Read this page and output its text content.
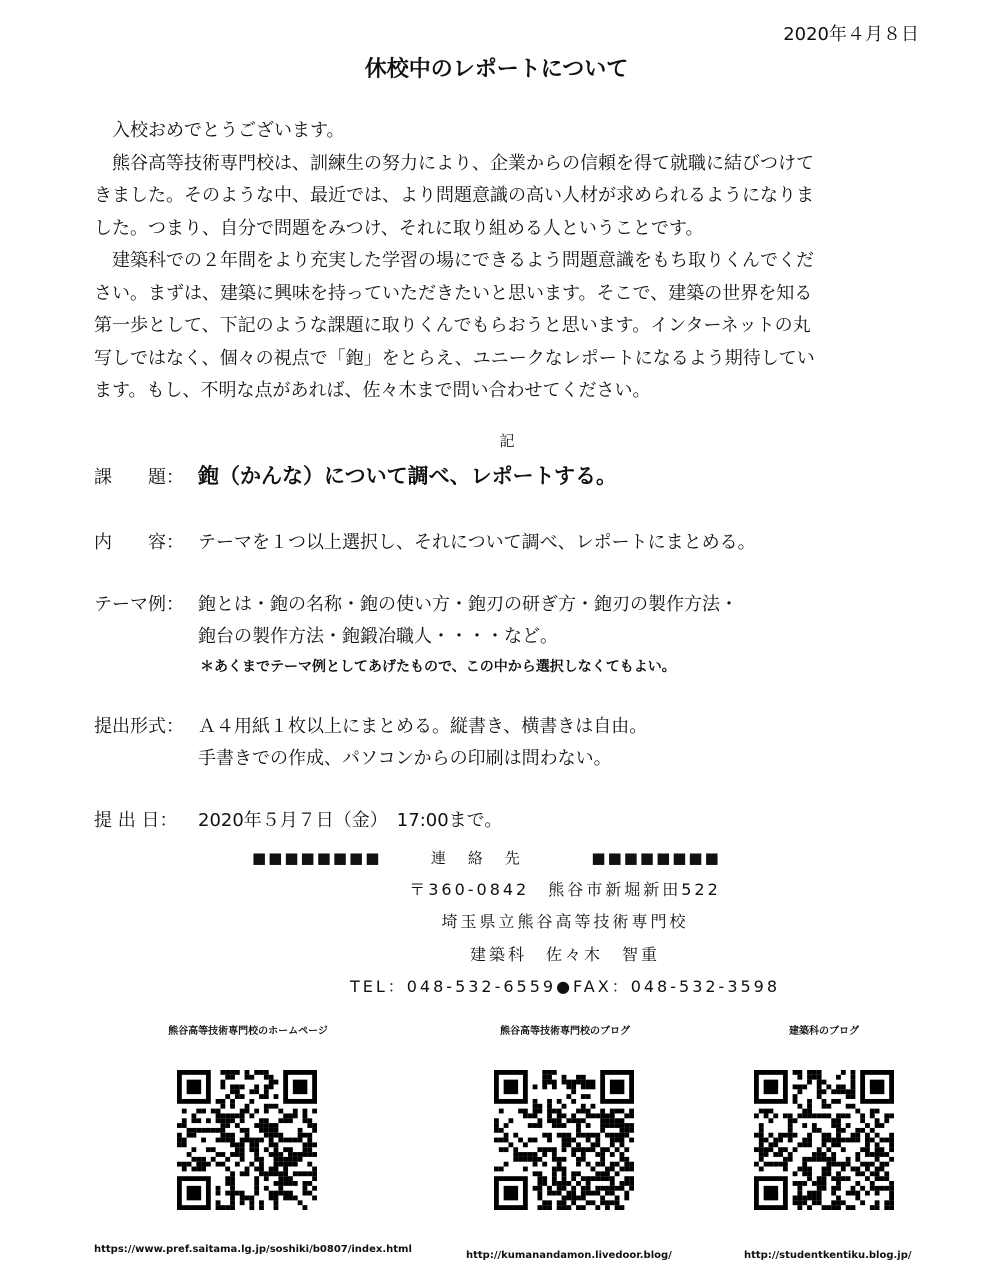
2020年４月８日
休校中のレポートについて

　入校おめでとうございます。

　熊谷高等技術専門校は、訓練生の努力により、企業からの信頼を得て就職に結びつけて

きました。そのような中、最近では、より問題意識の高い人材が求められるようになりま

した。つまり、自分で問題をみつけ、それに取り組める人ということです。

　建築科での２年間をより充実した学習の場にできるよう問題意識をもち取りくんでくだ

さい。まずは、建築に興味を持っていただきたいと思います。そこで、建築の世界を知る

第一歩として、下記のような課題に取りくんでもらおうと思います。インターネットの丸

写しではなく、個々の視点で「鉋」をとらえ、ユニークなレポートになるよう期待してい

ます。もし、不明な点があれば、佐々木まで問い合わせてください。

記
課　　題： 鉋（かんな）について調べ、レポートする。
内　　容： テーマを１つ以上選択し、それについて調べ、レポートにまとめる。
テーマ例： 鉋とは・鉋の名称・鉋の使い方・鉋刃の研ぎ方・鉋刃の製作方法・
鉋台の製作方法・鉋鍛冶職人・・・・など。
＊あくまでテーマ例としてあげたもので、この中から選択しなくてもよい。
提出形式： Ａ４用紙１枚以上にまとめる。縦書き、横書きは自由。
手書きでの作成、パソコンからの印刷は問わない。
提 出 日： 2020年５月７日（金）　17:00まで。
■■■■■■■■	連絡先	■■■■■■■■
〒360-0842　熊谷市新堀新田522
埼玉県立熊谷高等技術専門校
建築科　佐々木　智重
TEL：048-532-6559●FAX：048-532-3598
熊谷高等技術専門校のホームページ
https://www.pref.saitama.lg.jp/soshiki/b0807/index.html
熊谷高等技術専門校のブログ
http://kumanandamon.livedoor.blog/
建築科のブログ
http://studentkentiku.blog.jp/
